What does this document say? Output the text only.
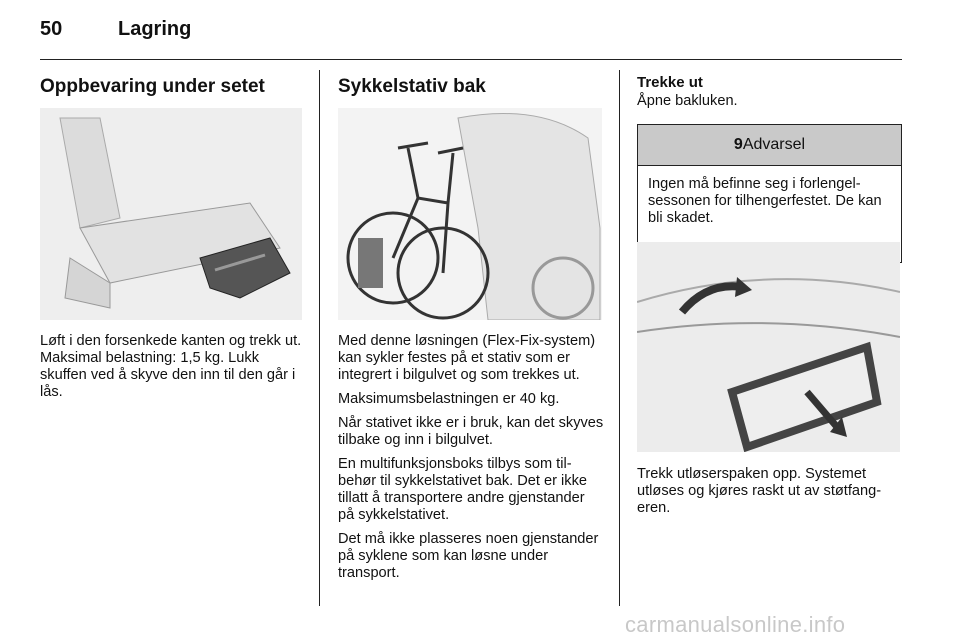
50	Lagring
Oppbevaring under setet

Løft i den forsenkede kanten og trekk ut. Maksimal belastning: 1,5 kg. Lukk skuffen ved å skyve den inn til den går i lås.

Sykkelstativ bak

Med denne løsningen (Flex-Fix-system) kan sykler festes på et stativ som er integrert i bilgulvet og som trekkes ut.

Maksimumsbelastningen er 40 kg.

Når stativet ikke er i bruk, kan det skyves tilbake og inn i bilgulvet.

En multifunksjonsboks tilbys som tilbehør til sykkelstativet bak. Det er ikke tillatt å transportere andre gjenstander på sykkelstativet.

Det må ikke plasseres noen gjenstander på syklene som kan løsne under transport.

Trekke ut
Åpne bakluken.
9Advarsel
Ingen må befinne seg i forlengelsessonen for tilhengerfestet. De kan bli skadet.

Trekk utløserspaken opp. Systemet utløses og kjøres raskt ut av støtfangeren.

carmanualsonline.info
